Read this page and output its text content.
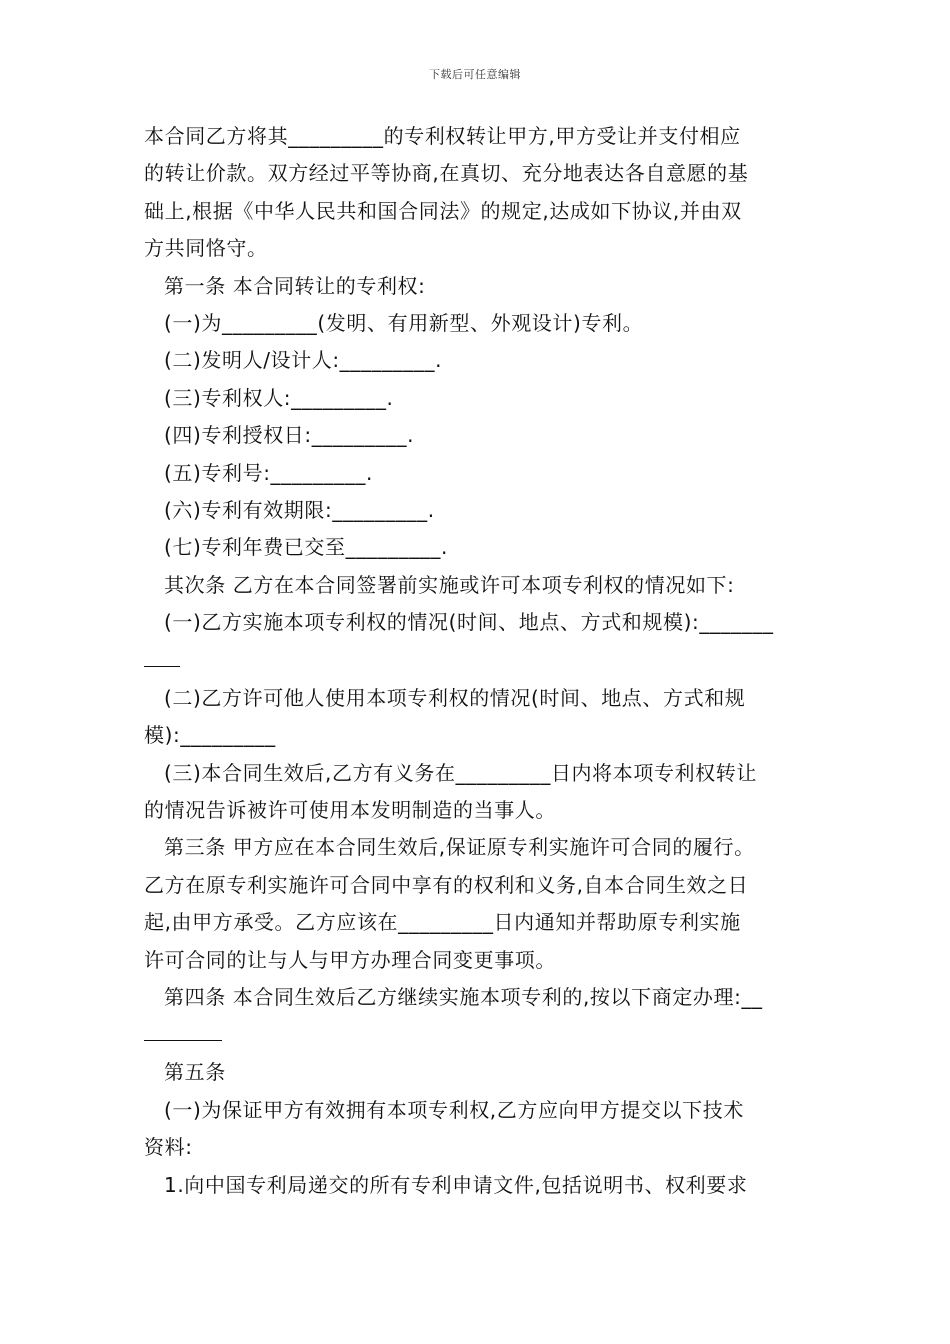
下载后可任意编辑
本合同乙方将其_________的专利权转让甲方,甲方受让并支付相应
的转让价款。双方经过平等协商,在真切、充分地表达各自意愿的基
础上,根据《中华人民共和国合同法》的规定,达成如下协议,并由双
方共同恪守。
第一条 本合同转让的专利权:
(一)为_________(发明、有用新型、外观设计)专利。
(二)发明人/设计人:_________.
(三)专利权人:_________.
(四)专利授权日:_________.
(五)专利号:_________.
(六)专利有效期限:_________.
(七)专利年费已交至_________.
其次条 乙方在本合同签署前实施或许可本项专利权的情况如下:
(一)乙方实施本项专利权的情况(时间、地点、方式和规模):_______
(二)乙方许可他人使用本项专利权的情况(时间、地点、方式和规
模):_________
(三)本合同生效后,乙方有义务在_________日内将本项专利权转让
的情况告诉被许可使用本发明制造的当事人。
第三条 甲方应在本合同生效后,保证原专利实施许可合同的履行。
乙方在原专利实施许可合同中享有的权利和义务,自本合同生效之日
起,由甲方承受。乙方应该在_________日内通知并帮助原专利实施
许可合同的让与人与甲方办理合同变更事项。
第四条 本合同生效后乙方继续实施本项专利的,按以下商定办理:__
第五条
(一)为保证甲方有效拥有本项专利权,乙方应向甲方提交以下技术
资料:
1.向中国专利局递交的所有专利申请文件,包括说明书、权利要求
